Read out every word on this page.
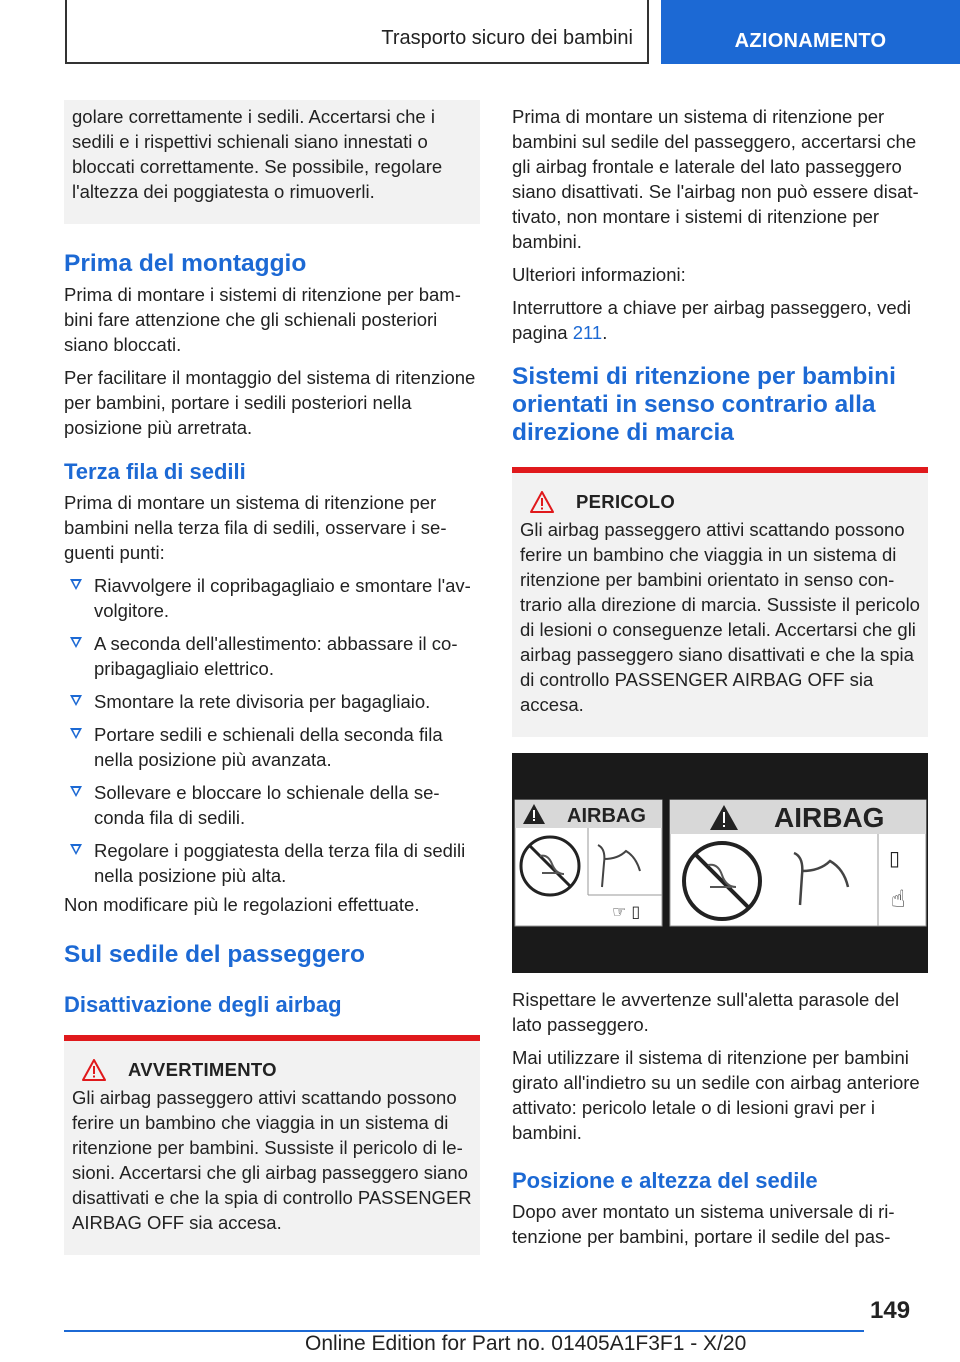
Trasporto sicuro dei bambini	AZIONAMENTO

golare correttamente i sedili. Accertarsi che i sedili e i rispettivi schienali siano innestati o bloccati correttamente. Se possibile, regolare l'altezza dei poggiatesta o rimuoverli.

Prima del montaggio

Prima di montare i sistemi di ritenzione per bambini fare attenzione che gli schienali posteriori siano bloccati.

Per facilitare il montaggio del sistema di ritenzione per bambini, portare i sedili posteriori nella posizione più arretrata.

Terza fila di sedili

Prima di montare un sistema di ritenzione per bambini nella terza fila di sedili, osservare i seguenti punti:

Riavvolgere il copribagagliaio e smontare l'avvolgitore.
A seconda dell'allestimento: abbassare il copribagagliaio elettrico.
Smontare la rete divisoria per bagagliaio.
Portare sedili e schienali della seconda fila nella posizione più avanzata.
Sollevare e bloccare lo schienale della seconda fila di sedili.
Regolare i poggiatesta della terza fila di sedili nella posizione più alta.

Non modificare più le regolazioni effettuate.

Sul sedile del passeggero
Disattivazione degli airbag
AVVERTIMENTO

Gli airbag passeggero attivi scattando possono ferire un bambino che viaggia in un sistema di ritenzione per bambini. Sussiste il pericolo di lesioni. Accertarsi che gli airbag passeggero siano disattivati e che la spia di controllo PASSENGER AIRBAG OFF sia accesa.

Prima di montare un sistema di ritenzione per bambini sul sedile del passeggero, accertarsi che gli airbag frontale e laterale del lato passeggero siano disattivati. Se l'airbag non può essere disattivato, non montare i sistemi di ritenzione per bambini.

Ulteriori informazioni:

Interruttore a chiave per airbag passeggero, vedi pagina 211.

Sistemi di ritenzione per bambini orientati in senso contrario alla direzione di marcia
PERICOLO

Gli airbag passeggero attivi scattando possono ferire un bambino che viaggia in un sistema di ritenzione per bambini orientato in senso contrario alla direzione di marcia. Sussiste il pericolo di lesioni o conseguenze letali. Accertarsi che gli airbag passeggero siano disattivati e che la spia di controllo PASSENGER AIRBAG OFF sia accesa.

AIRBAG
☞ ▯
AIRBAG
▯
☝

Rispettare le avvertenze sull'aletta parasole del lato passeggero.

Mai utilizzare il sistema di ritenzione per bambini girato all'indietro su un sedile con airbag anteriore attivato: pericolo letale o di lesioni gravi per i bambini.

Posizione e altezza del sedile

Dopo aver montato un sistema universale di ritenzione per bambini, portare il sedile del pas-

149
Online Edition for Part no. 01405A1F3F1 - X/20
